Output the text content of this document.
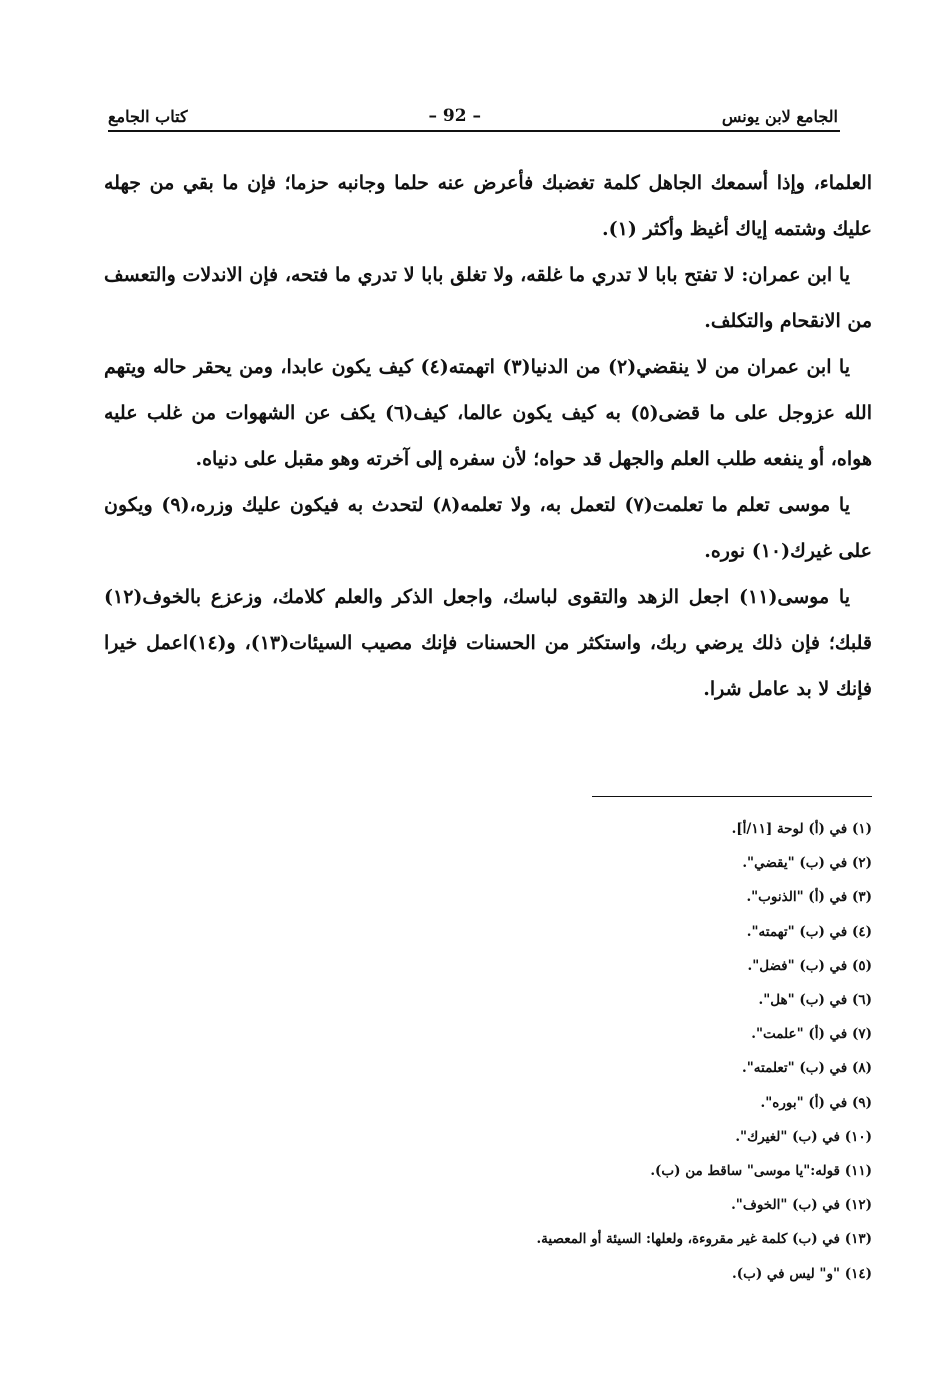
كتاب الجامع	– 92 –	الجامع لابن يونس

العلماء، وإذا أسمعك الجاهل كلمة تغضبك فأعرض عنه حلما وجانبه حزما؛ فإن ما بقي من جهله عليك وشتمه إياك أغيظ وأكثر (١).

يا ابن عمران: لا تفتح بابا لا تدري ما غلقه، ولا تغلق بابا لا تدري ما فتحه، فإن الاندلات والتعسف من الانقحام والتكلف.

يا ابن عمران من لا ينقضي(٢) من الدنيا(٣) اتهمته(٤) كيف يكون عابدا، ومن يحقر حاله ويتهم الله عزوجل على ما قضى(٥) به كيف يكون عالما، كيف(٦) يكف عن الشهوات من غلب عليه هواه، أو ينفعه طلب العلم والجهل قد حواه؛ لأن سفره إلى آخرته وهو مقبل على دنياه.

يا موسى تعلم ما تعلمت(٧) لتعمل به، ولا تعلمه(٨) لتحدث به فيكون عليك وزره،(٩) ويكون على غيرك(١٠) نوره.

يا موسى(١١) اجعل الزهد والتقوى لباسك، واجعل الذكر والعلم كلامك، وزعزع بالخوف(١٢) قلبك؛ فإن ذلك يرضي ربك، واستكثر من الحسنات فإنك مصيب السيئات(١٣)، و(١٤)اعمل خيرا فإنك لا بد عامل شرا.

(١) في (أ) لوحة [١١/أ].
(٢) في (ب) "يقضي".
(٣) في (أ) "الذنوب".
(٤) في (ب) "تهمته".
(٥) في (ب) "فضل".
(٦) في (ب) "هل".
(٧) في (أ) "علمت".
(٨) في (ب) "تعلمته".
(٩) في (أ) "بوره".
(١٠) في (ب) "لغيرك".
(١١) قوله:"يا موسى" ساقط من (ب).
(١٢) في (ب) "الخوف".
(١٣) في (ب) كلمة غير مقروءة، ولعلها: السيئة أو المعصية.
(١٤) "و" ليس في (ب).
